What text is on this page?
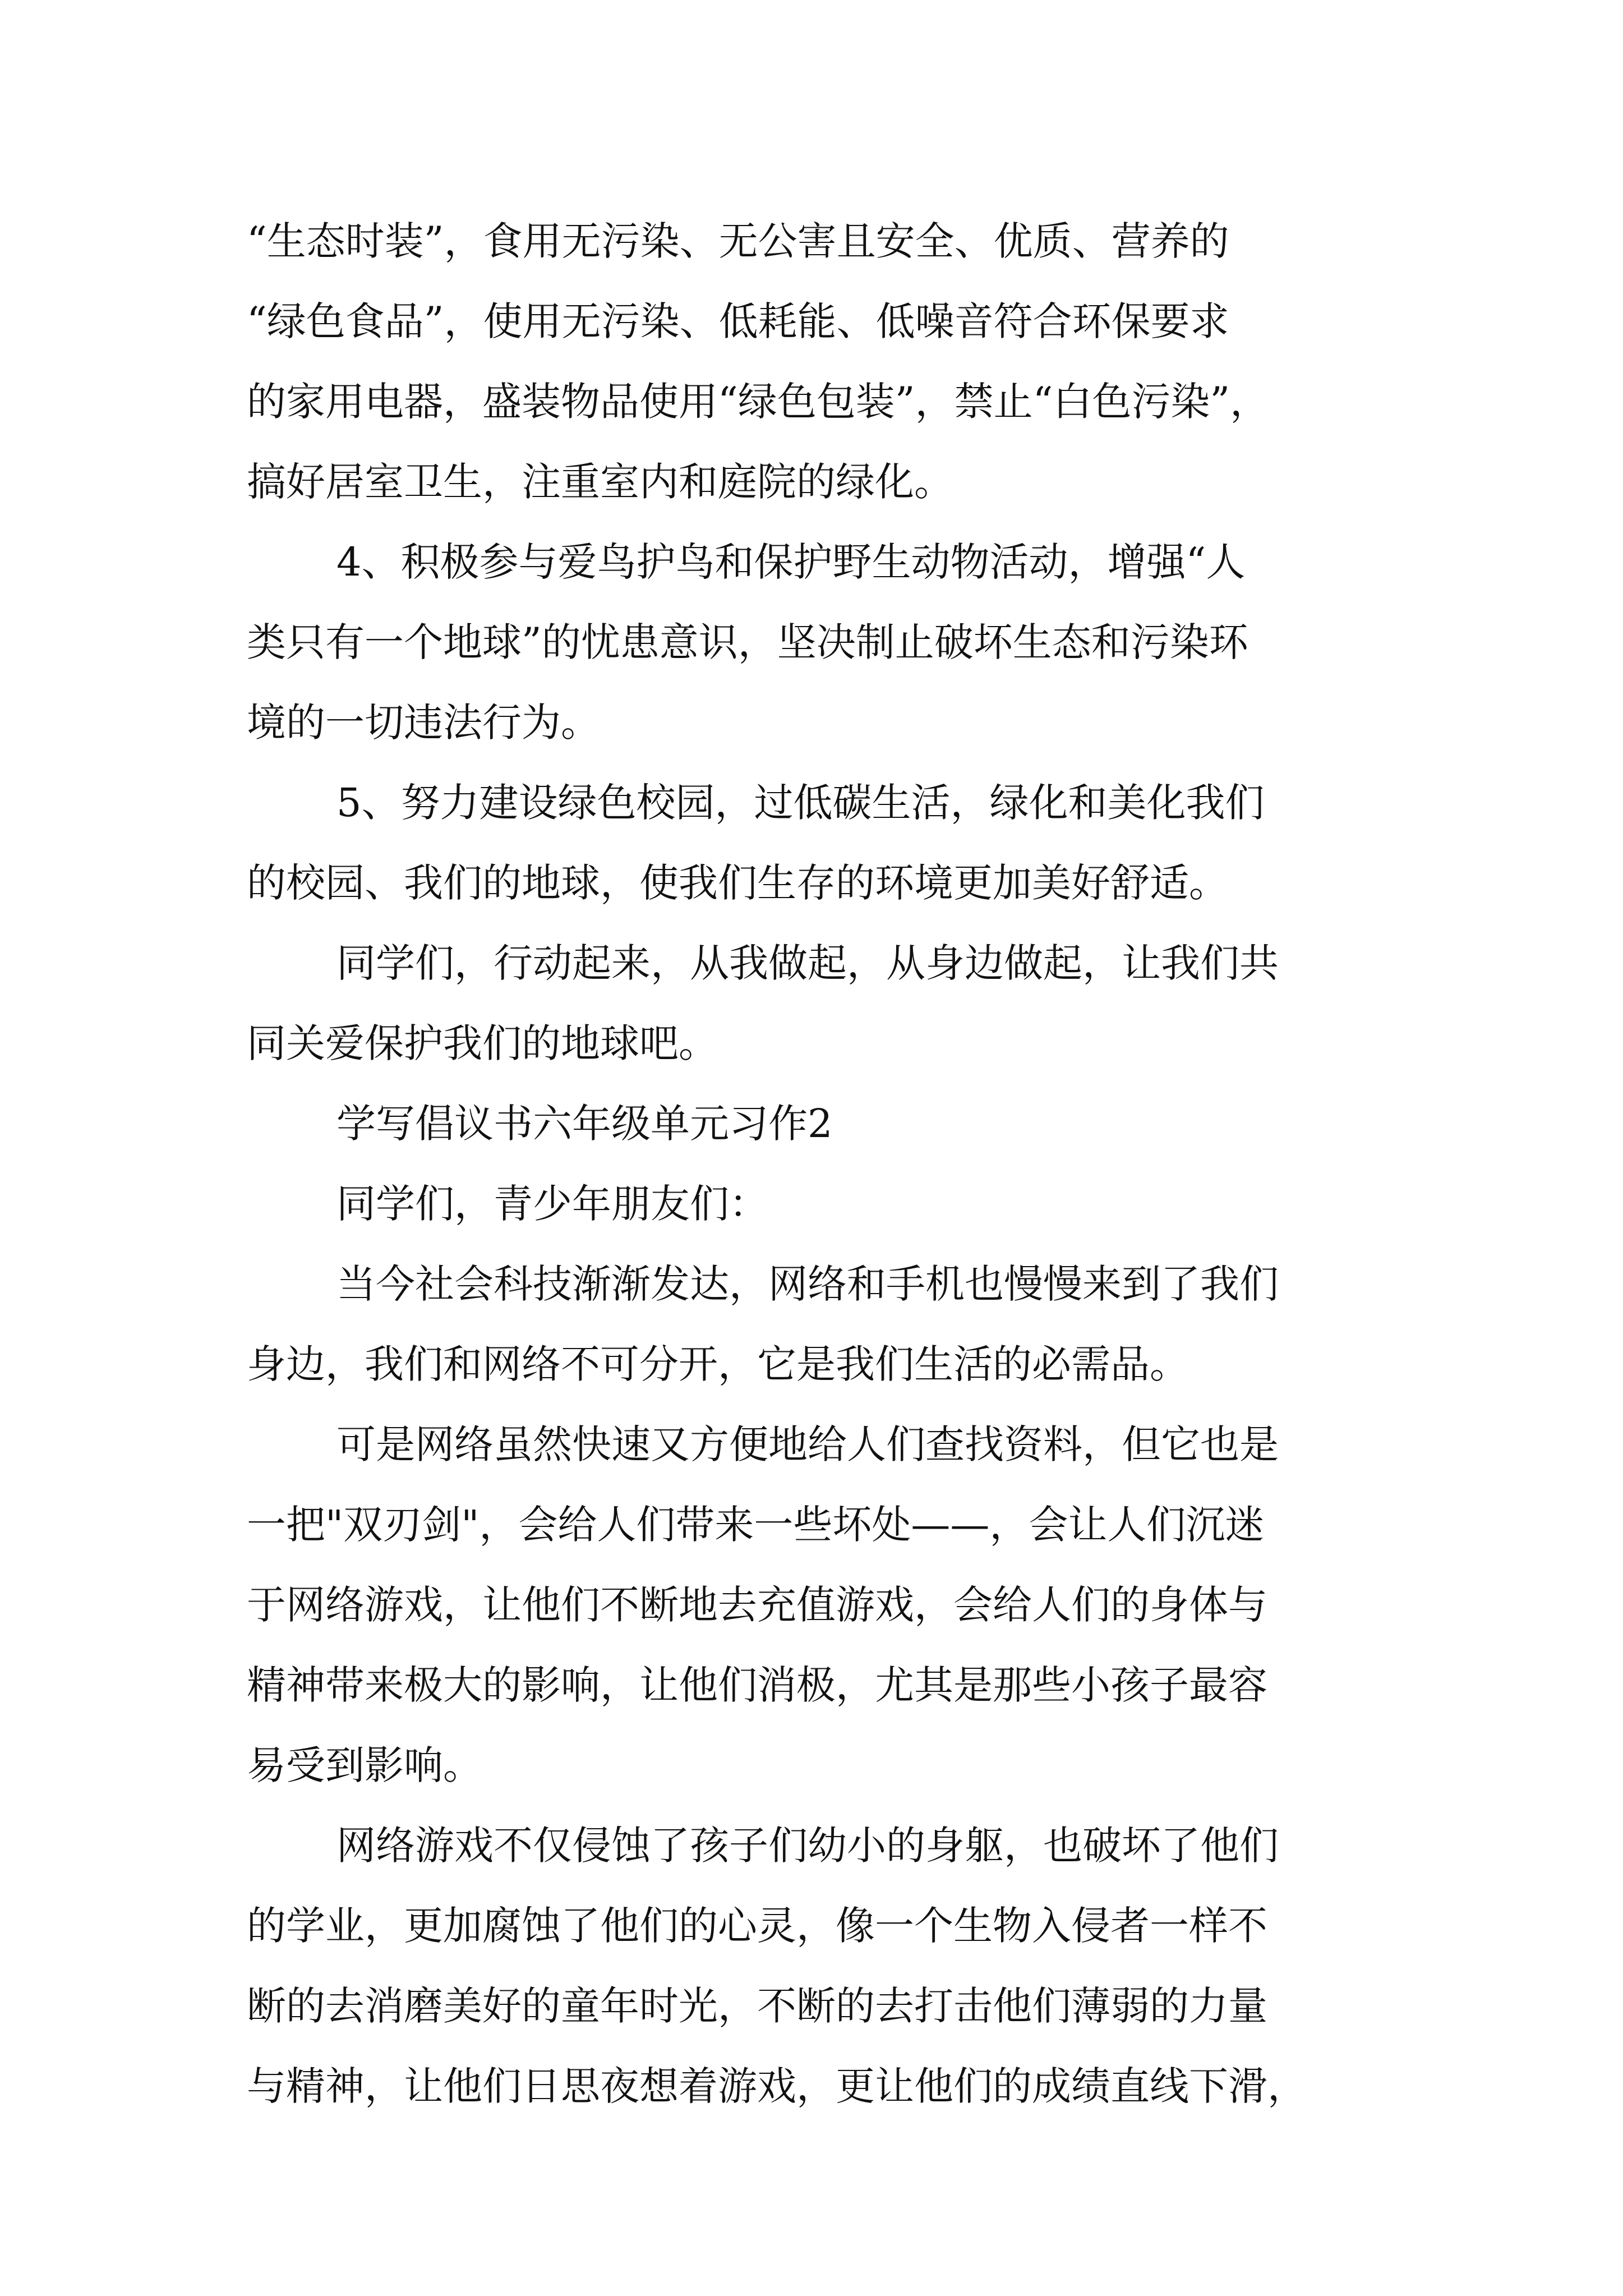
“生态时装”，食用无污染、无公害且安全、优质、营养的

“绿色食品”，使用无污染、低耗能、低噪音符合环保要求

的家用电器，盛装物品使用“绿色包装”，禁止“白色污染”，

搞好居室卫生，注重室内和庭院的绿化。

4、积极参与爱鸟护鸟和保护野生动物活动，增强“人

类只有一个地球”的忧患意识，坚决制止破坏生态和污染环

境的一切违法行为。

5、努力建设绿色校园，过低碳生活，绿化和美化我们

的校园、我们的地球，使我们生存的环境更加美好舒适。

同学们，行动起来，从我做起，从身边做起，让我们共

同关爱保护我们的地球吧。

学写倡议书六年级单元习作2

同学们，青少年朋友们：

当今社会科技渐渐发达，网络和手机也慢慢来到了我们

身边，我们和网络不可分开，它是我们生活的必需品。

可是网络虽然快速又方便地给人们查找资料，但它也是

一把"双刃剑"，会给人们带来一些坏处——，会让人们沉迷

于网络游戏，让他们不断地去充值游戏，会给人们的身体与

精神带来极大的影响，让他们消极，尤其是那些小孩子最容

易受到影响。

网络游戏不仅侵蚀了孩子们幼小的身躯，也破坏了他们

的学业，更加腐蚀了他们的心灵，像一个生物入侵者一样不

断的去消磨美好的童年时光，不断的去打击他们薄弱的力量

与精神，让他们日思夜想着游戏，更让他们的成绩直线下滑，
